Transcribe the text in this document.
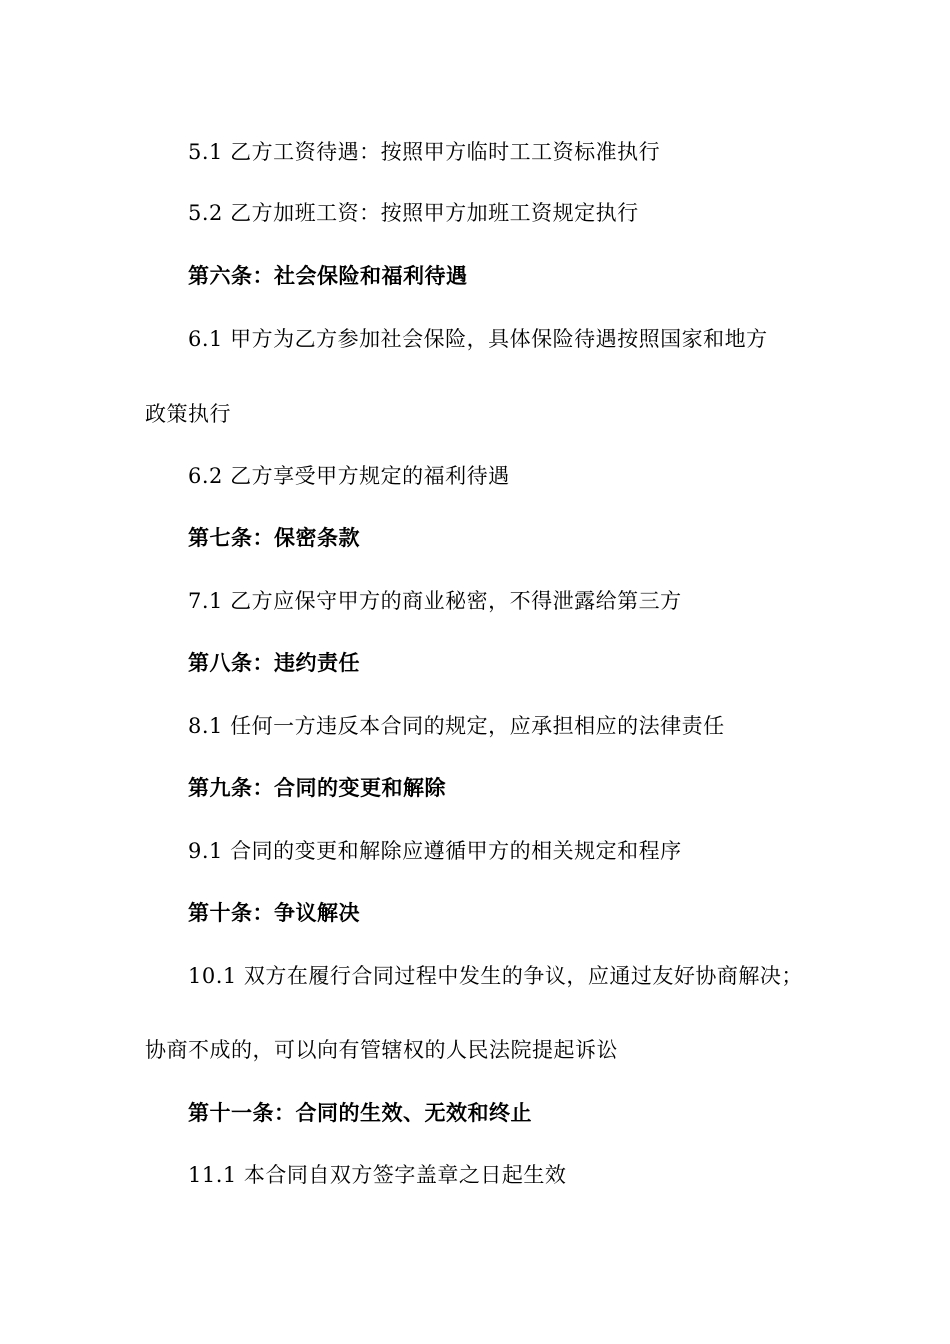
5.1 乙方工资待遇：按照甲方临时工工资标准执行
5.2 乙方加班工资：按照甲方加班工资规定执行
第六条：社会保险和福利待遇
6.1 甲方为乙方参加社会保险，具体保险待遇按照国家和地方
政策执行
6.2 乙方享受甲方规定的福利待遇
第七条：保密条款
7.1 乙方应保守甲方的商业秘密，不得泄露给第三方
第八条：违约责任
8.1 任何一方违反本合同的规定，应承担相应的法律责任
第九条：合同的变更和解除
9.1 合同的变更和解除应遵循甲方的相关规定和程序
第十条：争议解决
10.1 双方在履行合同过程中发生的争议，应通过友好协商解决；
协商不成的，可以向有管辖权的人民法院提起诉讼
第十一条：合同的生效、无效和终止
11.1 本合同自双方签字盖章之日起生效
